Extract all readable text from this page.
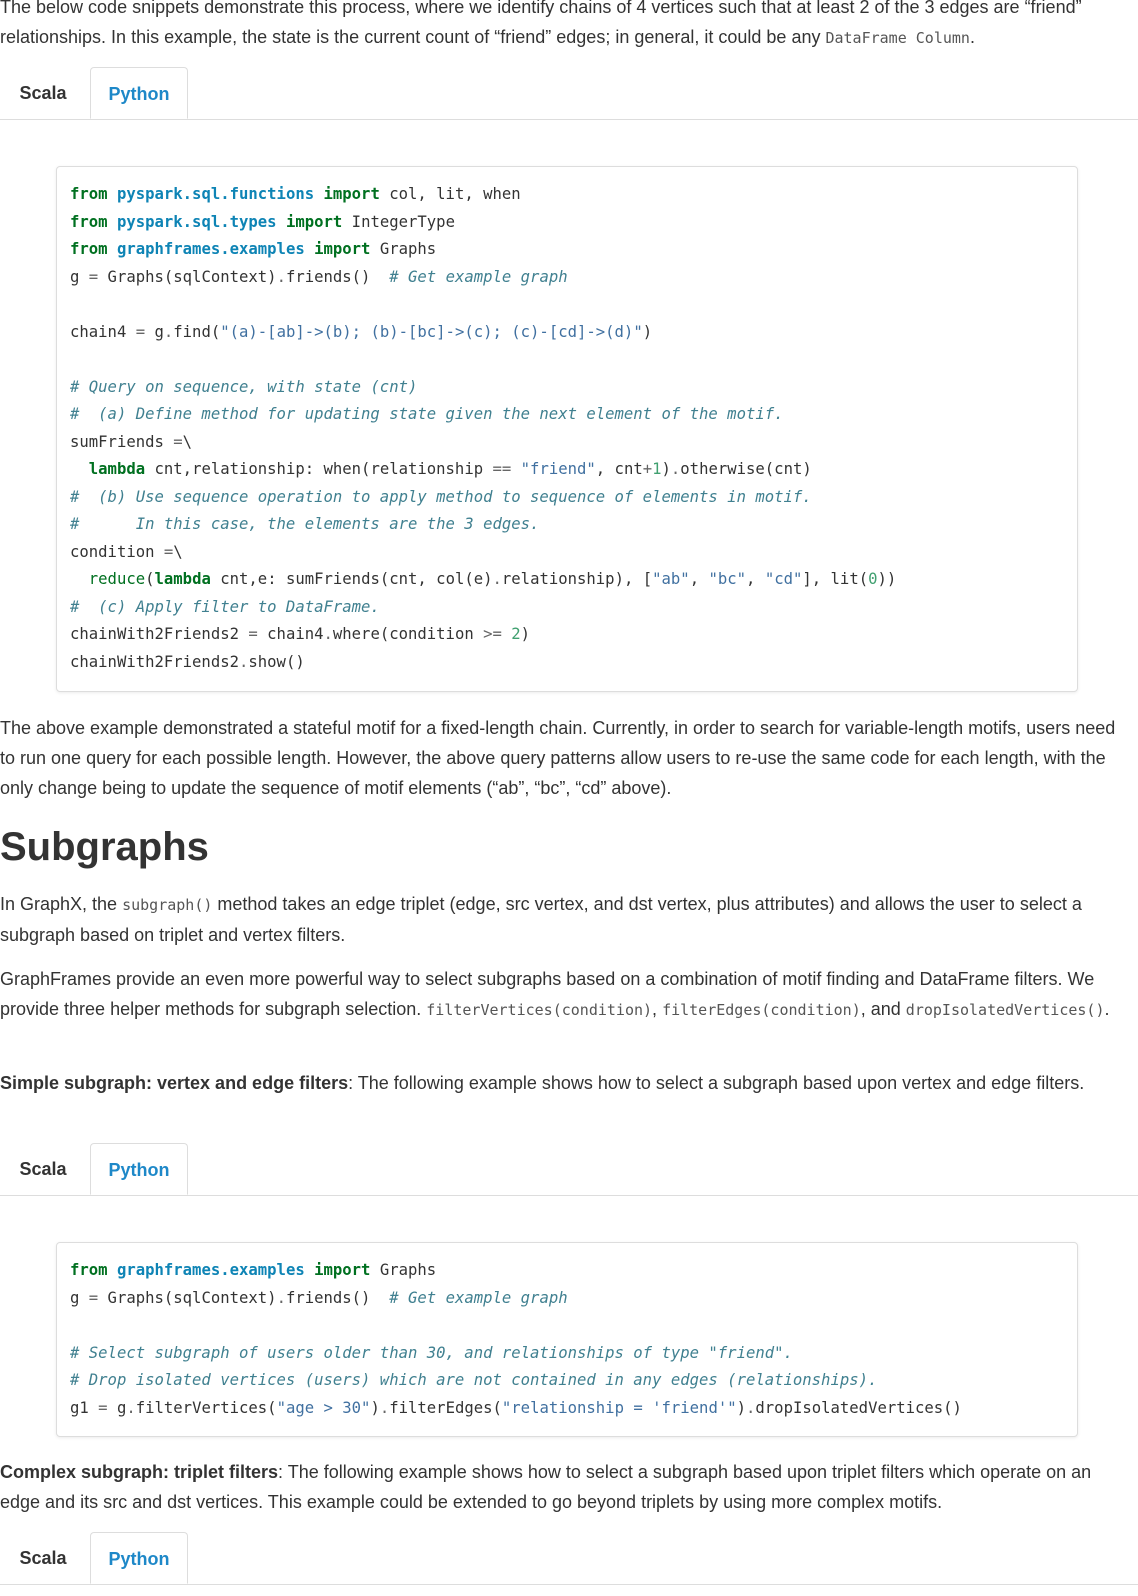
The below code snippets demonstrate this process, where we identify chains of 4 vertices such that at least 2 of the 3 edges are “friend” relationships. In this example, the state is the current count of “friend” edges; in general, it could be any DataFrame Column.

Scala	Python
from pyspark.sql.functions import col, lit, when
from pyspark.sql.types import IntegerType
from graphframes.examples import Graphs
g = Graphs(sqlContext).friends()  # Get example graph

chain4 = g.find("(a)-[ab]->(b); (b)-[bc]->(c); (c)-[cd]->(d)")

# Query on sequence, with state (cnt)
#  (a) Define method for updating state given the next element of the motif.
sumFriends =\
lambda cnt,relationship: when(relationship == "friend", cnt+1).otherwise(cnt)
#  (b) Use sequence operation to apply method to sequence of elements in motif.
#      In this case, the elements are the 3 edges.
condition =\
reduce(lambda cnt,e: sumFriends(cnt, col(e).relationship), ["ab", "bc", "cd"], lit(0))
#  (c) Apply filter to DataFrame.
chainWith2Friends2 = chain4.where(condition >= 2)
chainWith2Friends2.show()

The above example demonstrated a stateful motif for a fixed-length chain. Currently, in order to search for variable-length motifs, users need to run one query for each possible length. However, the above query patterns allow users to re-use the same code for each length, with the only change being to update the sequence of motif elements (“ab”, “bc”, “cd” above).

Subgraphs

In GraphX, the subgraph() method takes an edge triplet (edge, src vertex, and dst vertex, plus attributes) and allows the user to select a subgraph based on triplet and vertex filters.

GraphFrames provide an even more powerful way to select subgraphs based on a combination of motif finding and DataFrame filters. We provide three helper methods for subgraph selection. filterVertices(condition), filterEdges(condition), and dropIsolatedVertices().

Simple subgraph: vertex and edge filters: The following example shows how to select a subgraph based upon vertex and edge filters.

Scala	Python
from graphframes.examples import Graphs
g = Graphs(sqlContext).friends()  # Get example graph

# Select subgraph of users older than 30, and relationships of type "friend".
# Drop isolated vertices (users) which are not contained in any edges (relationships).
g1 = g.filterVertices("age > 30").filterEdges("relationship = 'friend'").dropIsolatedVertices()

Complex subgraph: triplet filters: The following example shows how to select a subgraph based upon triplet filters which operate on an edge and its src and dst vertices. This example could be extended to go beyond triplets by using more complex motifs.

Scala	Python
